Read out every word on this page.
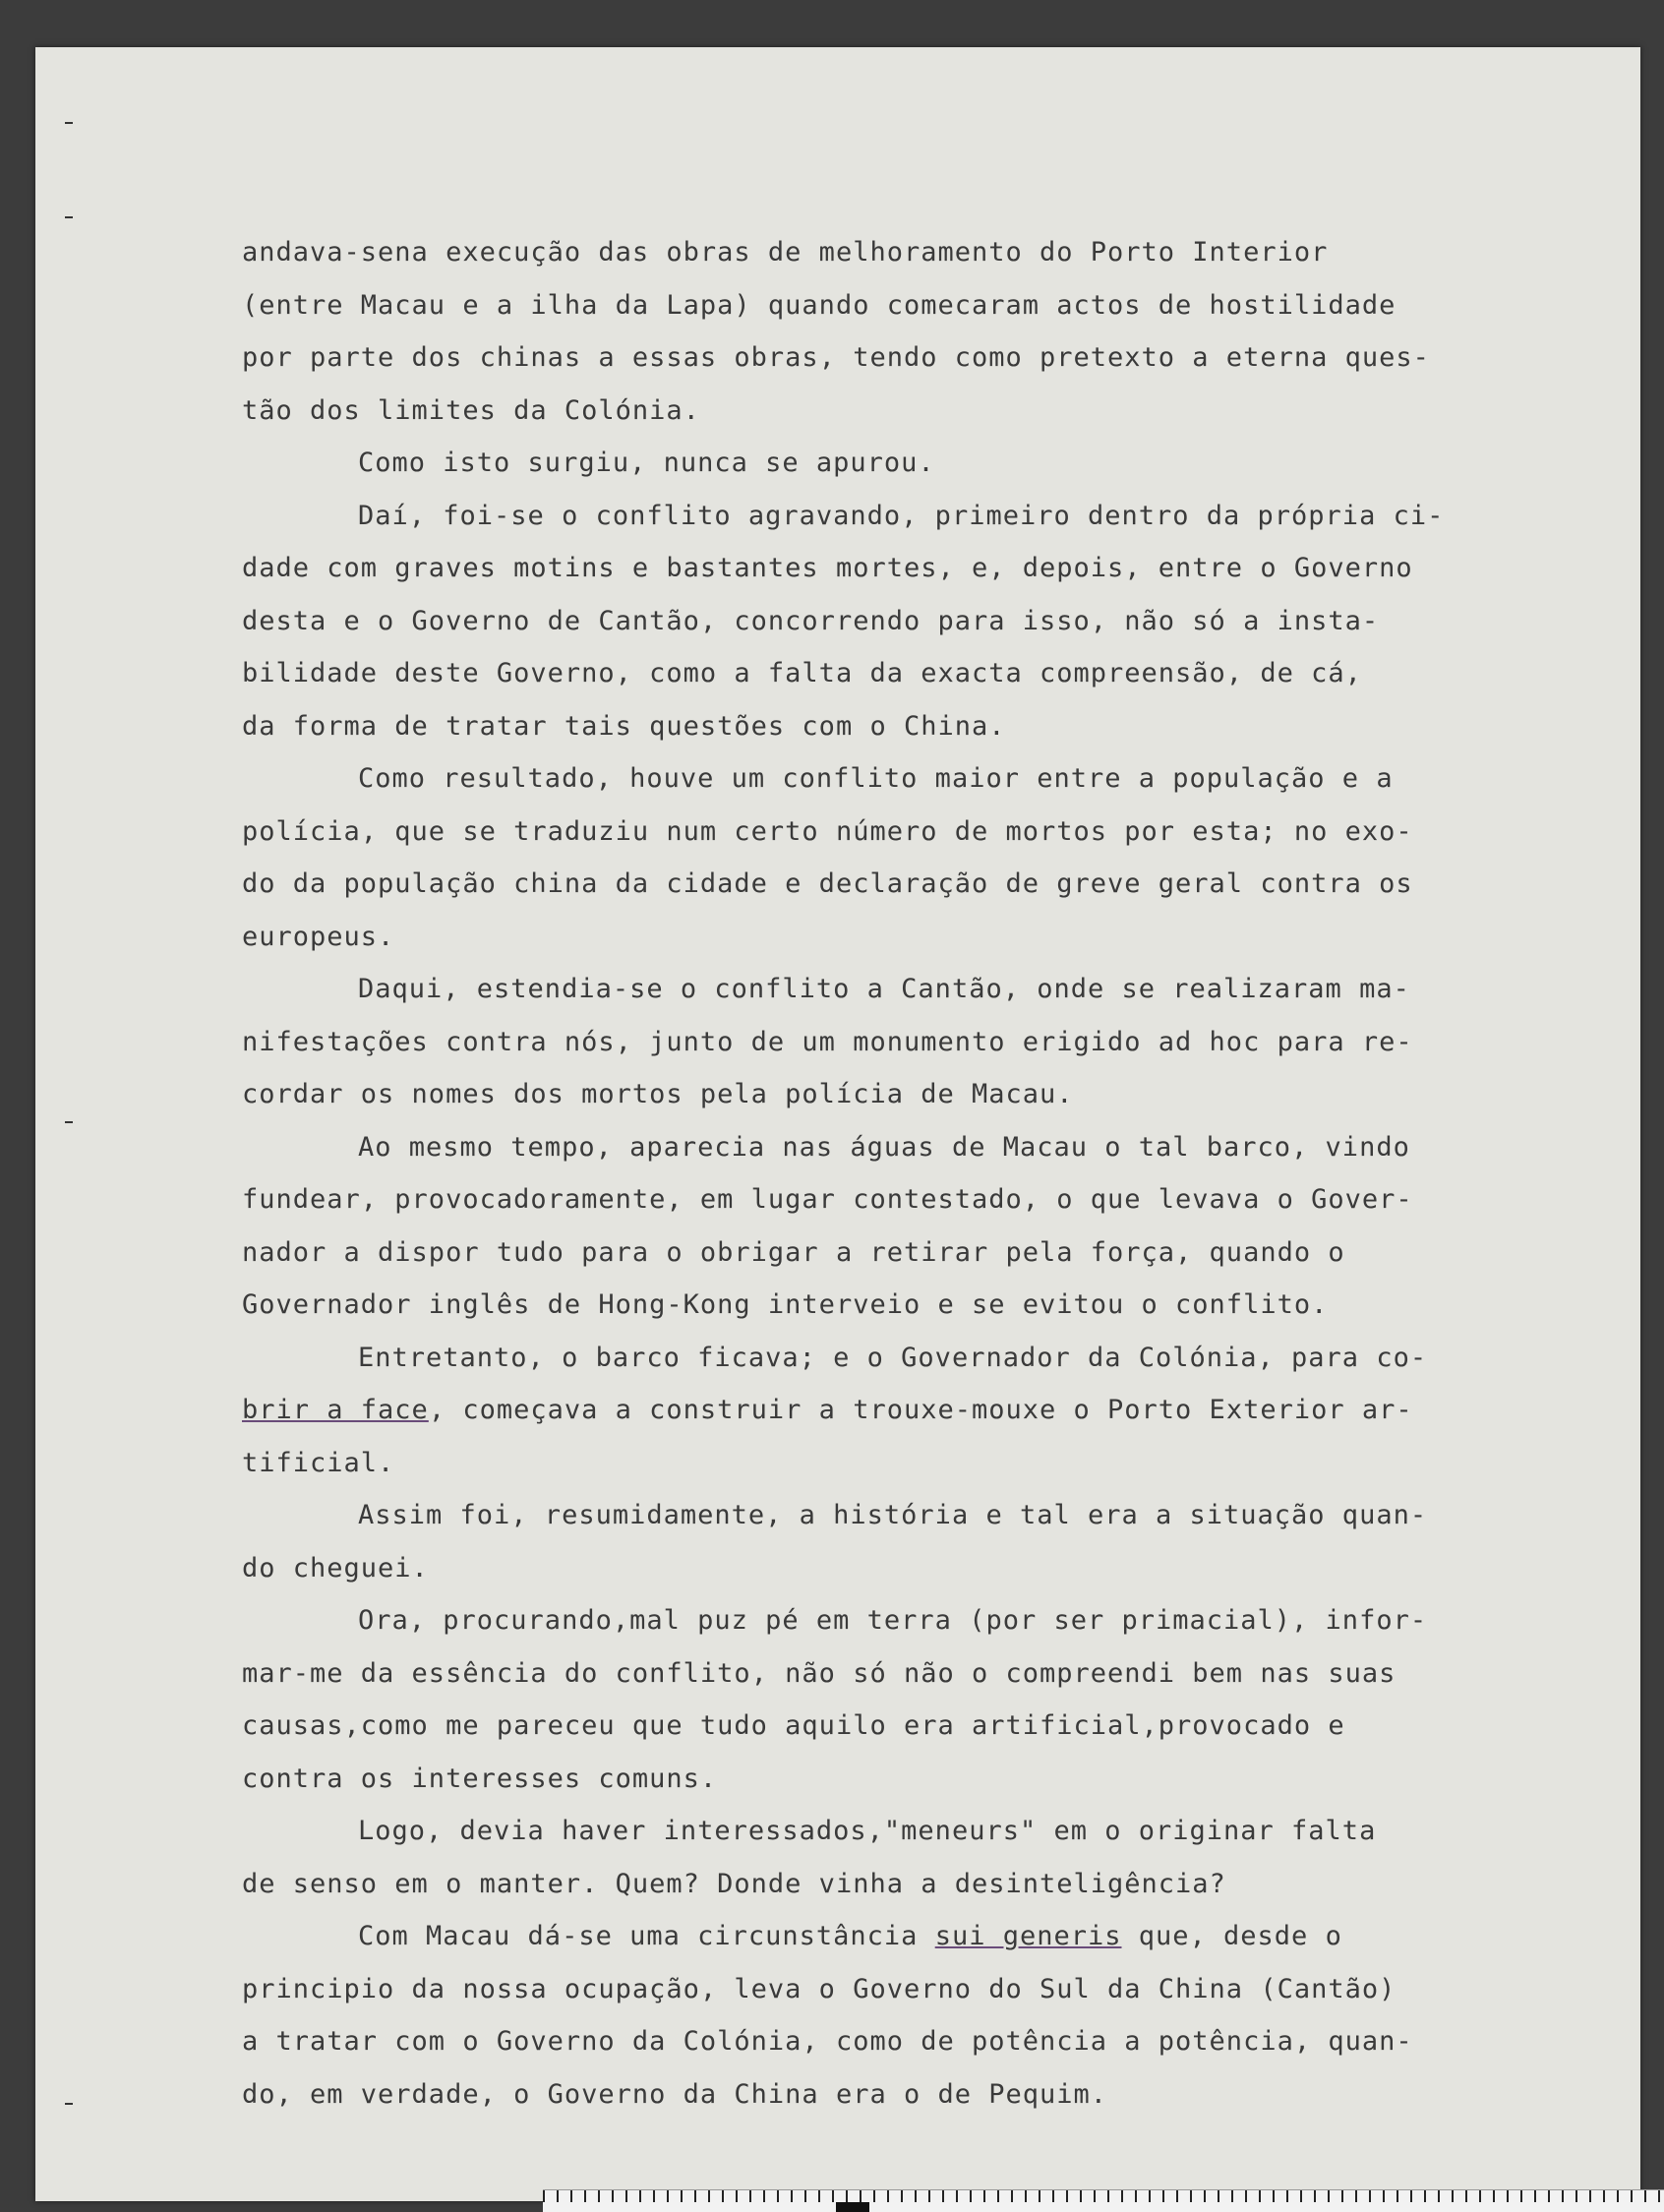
andava-sena execução das obras de melhoramento do Porto Interior
(entre Macau e a ilha da Lapa) quando comecaram actos de hostilidade
por parte dos chinas a essas obras, tendo como pretexto a eterna ques-
tão dos limites da Colónia.
Como isto surgiu, nunca se apurou.
Daí, foi-se o conflito agravando, primeiro dentro da própria ci-
dade com graves motins e bastantes mortes, e, depois, entre o Governo
desta e o Governo de Cantão, concorrendo para isso, não só a insta-
bilidade deste Governo, como a falta da exacta compreensão, de cá,
da forma de tratar tais questões com o China.
Como resultado, houve um conflito maior entre a população e a
polícia, que se traduziu num certo número de mortos por esta; no exo-
do da população china da cidade e declaração de greve geral contra os
europeus.
Daqui, estendia-se o conflito a Cantão, onde se realizaram ma-
nifestações contra nós, junto de um monumento erigido ad hoc para re-
cordar os nomes dos mortos pela polícia de Macau.
Ao mesmo tempo, aparecia nas águas de Macau o tal barco, vindo
fundear, provocadoramente, em lugar contestado, o que levava o Gover-
nador a dispor tudo para o obrigar a retirar pela força, quando o
Governador inglês de Hong-Kong interveio e se evitou o conflito.
Entretanto, o barco ficava; e o Governador da Colónia, para co-
brir a face, começava a construir a trouxe-mouxe o Porto Exterior ar-
tificial.
Assim foi, resumidamente, a história e tal era a situação quan-
do cheguei.
Ora, procurando,mal puz pé em terra (por ser primacial), infor-
mar-me da essência do conflito, não só não o compreendi bem nas suas
causas,como me pareceu que tudo aquilo era artificial,provocado e
contra os interesses comuns.
Logo, devia haver interessados,"meneurs" em o originar falta
de senso em o manter. Quem? Donde vinha a desinteligência?
Com Macau dá-se uma circunstância sui generis que, desde o
principio da nossa ocupação, leva o Governo do Sul da China (Cantão)
a tratar com o Governo da Colónia, como de potência a potência, quan-
do, em verdade, o Governo da China era o de Pequim.
